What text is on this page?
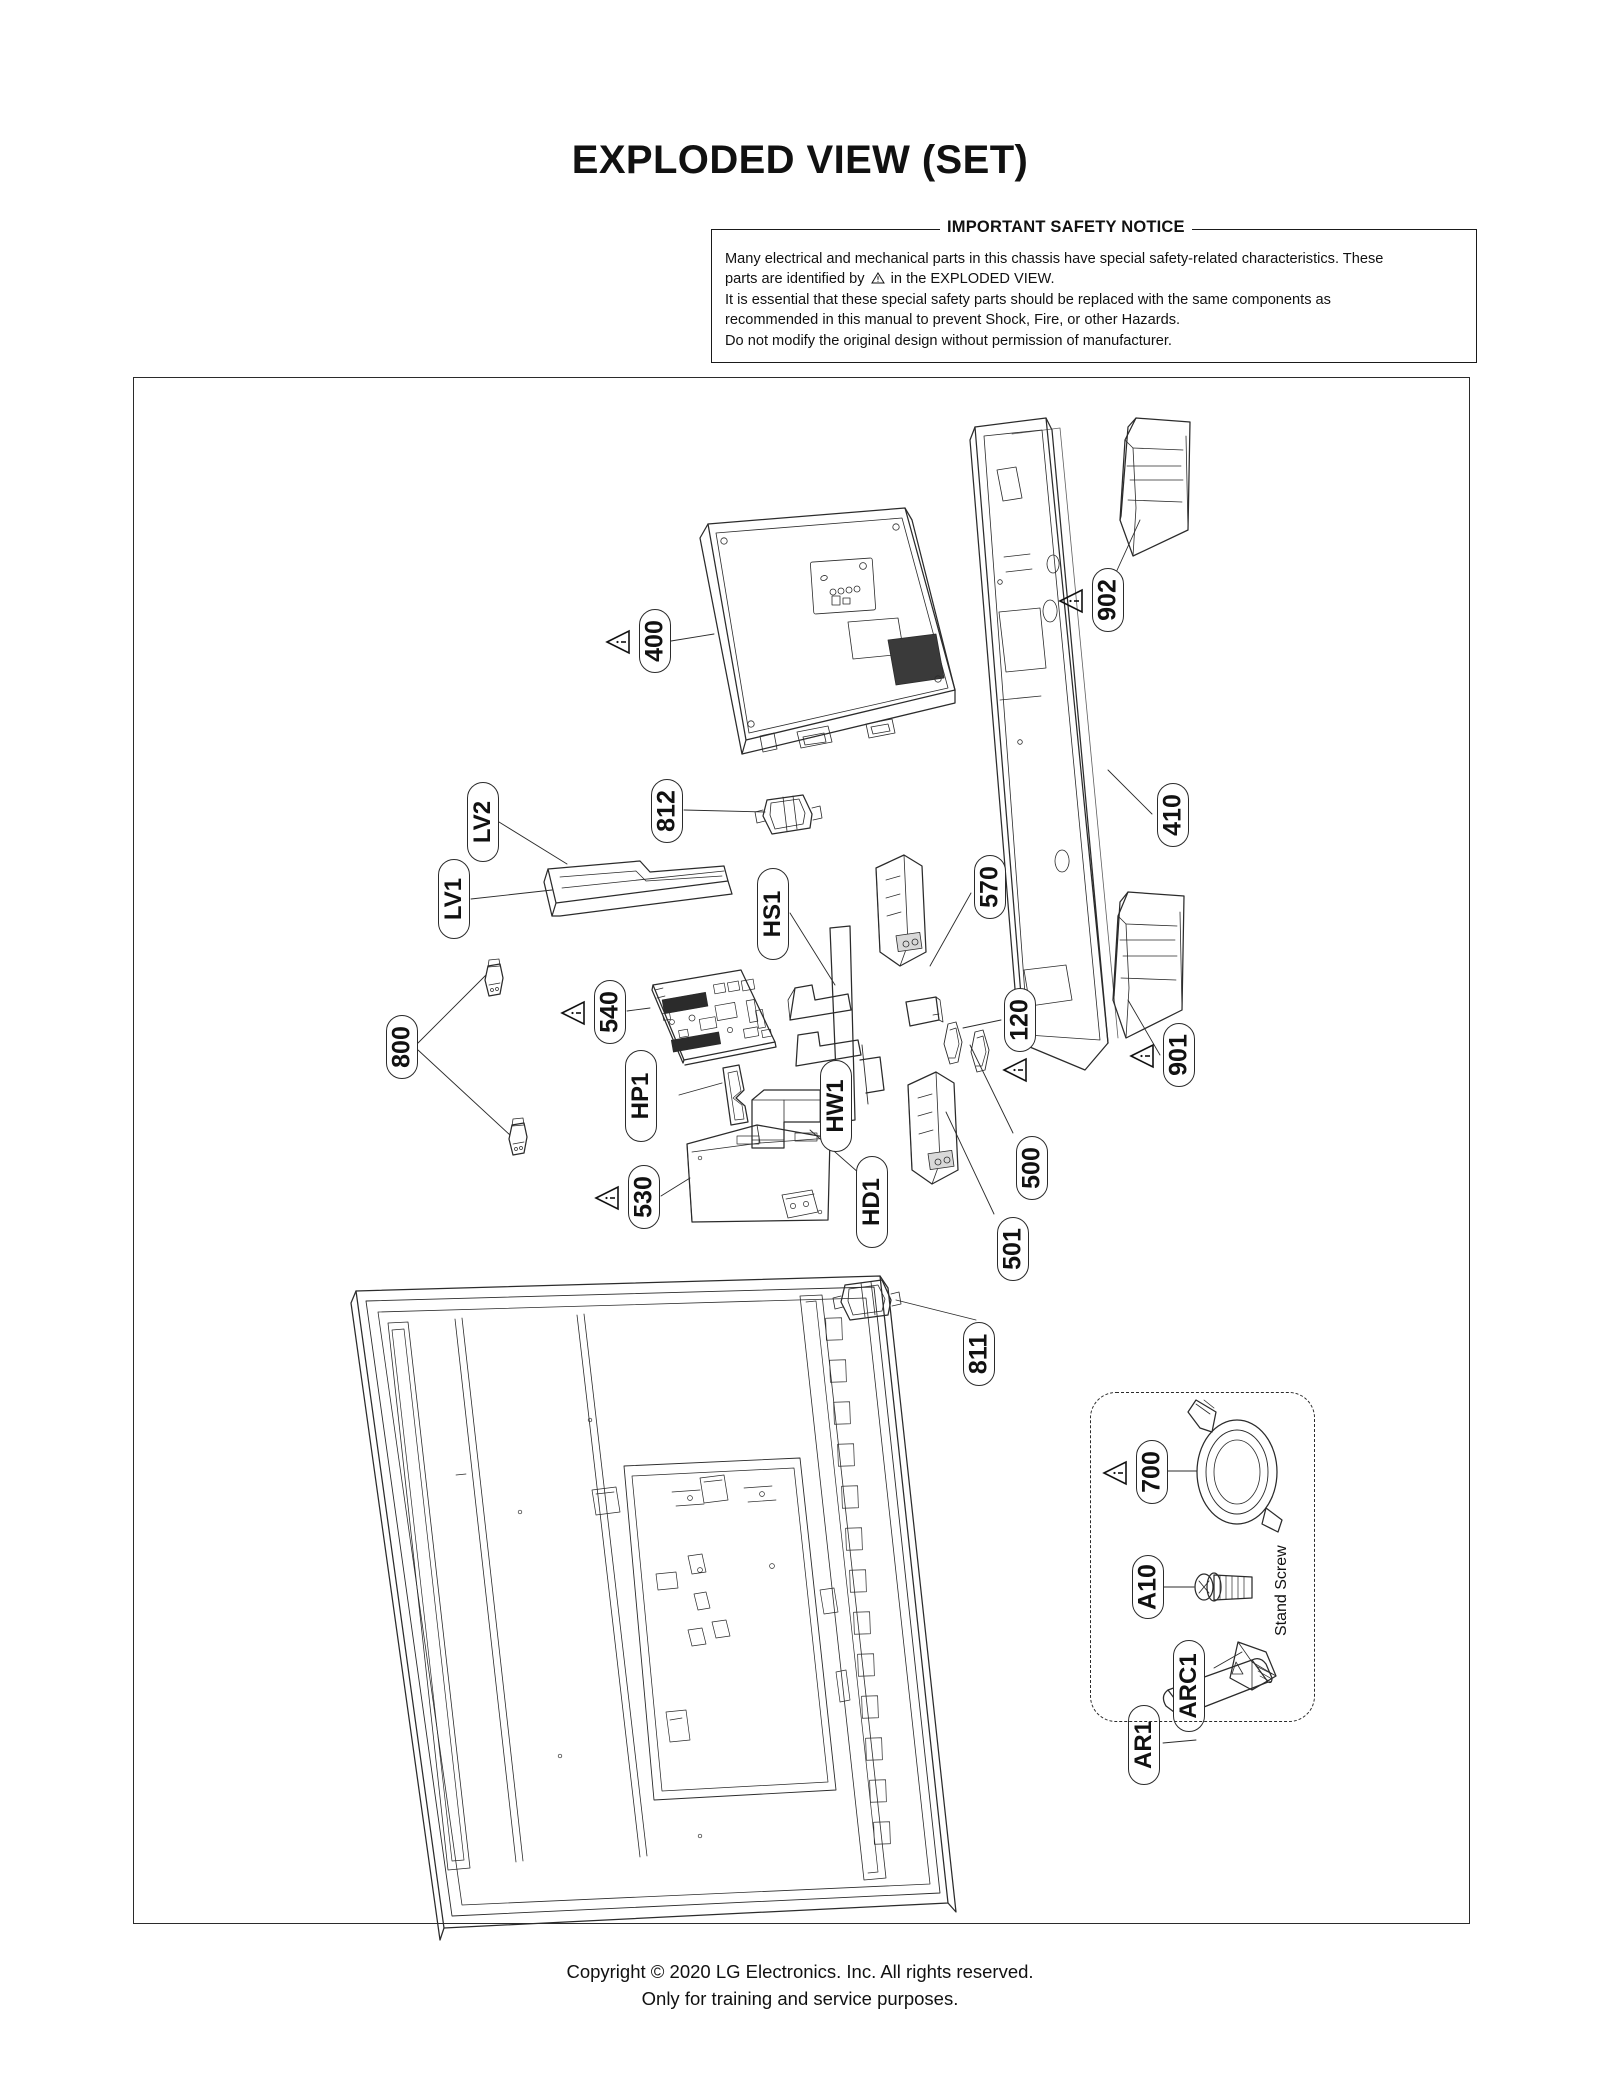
EXPLODED VIEW (SET)
IMPORTANT SAFETY NOTICE

Many electrical and mechanical parts in this chassis have special safety-related characteristics. These

parts are identified by in the EXPLODED VIEW.

It is essential that these special safety parts should be replaced with the same components as

recommended in this manual to prevent Shock, Fire, or other Hazards.

Do not modify the original design without permission of manufacturer.

400
902
410
812
LV2
LV1	HS1
570
540
800
120
901
HP1	HW1
530	HD1
500
501
811
700
A10
ARC1
AR1
Stand Screw
Copyright © 2020 LG Electronics. Inc. All rights reserved.
Only for training and service purposes.
